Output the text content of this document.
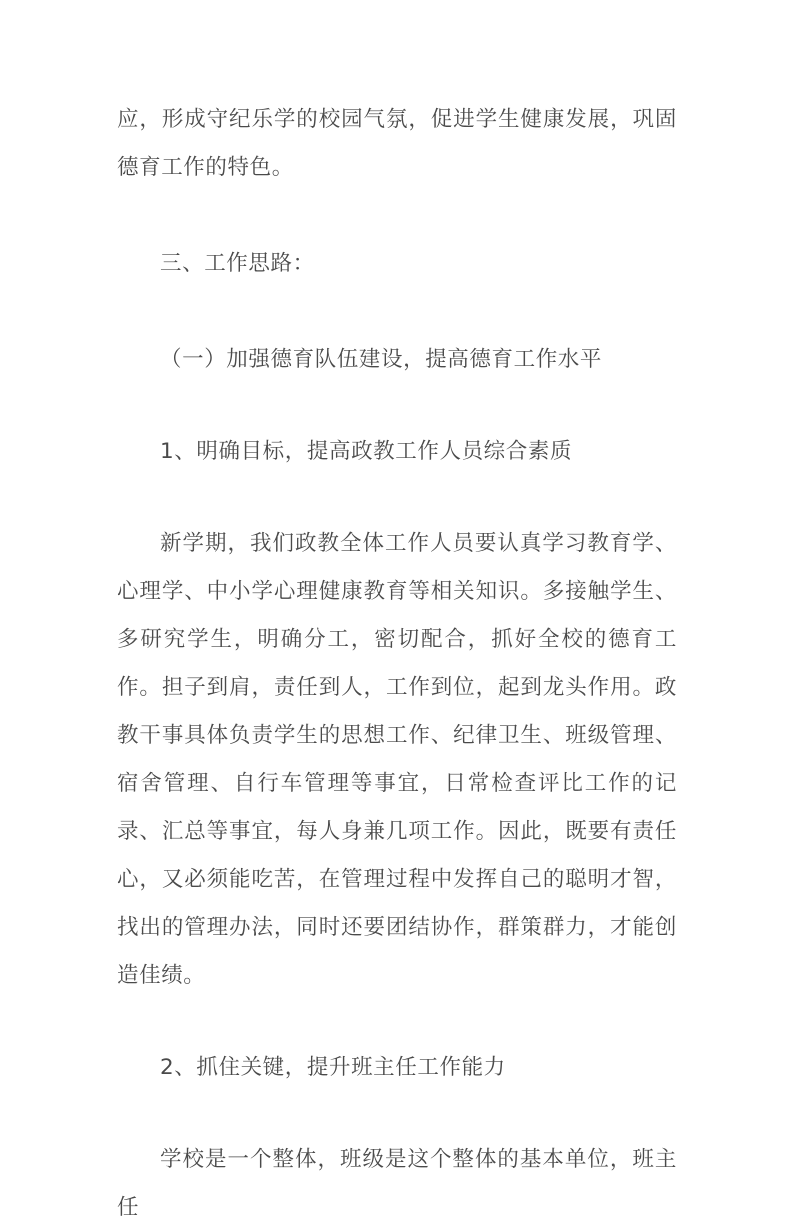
应，形成守纪乐学的校园气氛，促进学生健康发展，巩固德育工作的特色。

三、工作思路：

（一）加强德育队伍建设，提高德育工作水平

1、明确目标，提高政教工作人员综合素质

新学期，我们政教全体工作人员要认真学习教育学、心理学、中小学心理健康教育等相关知识。多接触学生、多研究学生，明确分工，密切配合，抓好全校的德育工作。担子到肩，责任到人，工作到位，起到龙头作用。政教干事具体负责学生的思想工作、纪律卫生、班级管理、宿舍管理、自行车管理等事宜，日常检查评比工作的记录、汇总等事宜，每人身兼几项工作。因此，既要有责任心，又必须能吃苦，在管理过程中发挥自己的聪明才智，找出的管理办法，同时还要团结协作，群策群力，才能创造佳绩。

2、抓住关键，提升班主任工作能力

学校是一个整体，班级是这个整体的基本单位，班主任
